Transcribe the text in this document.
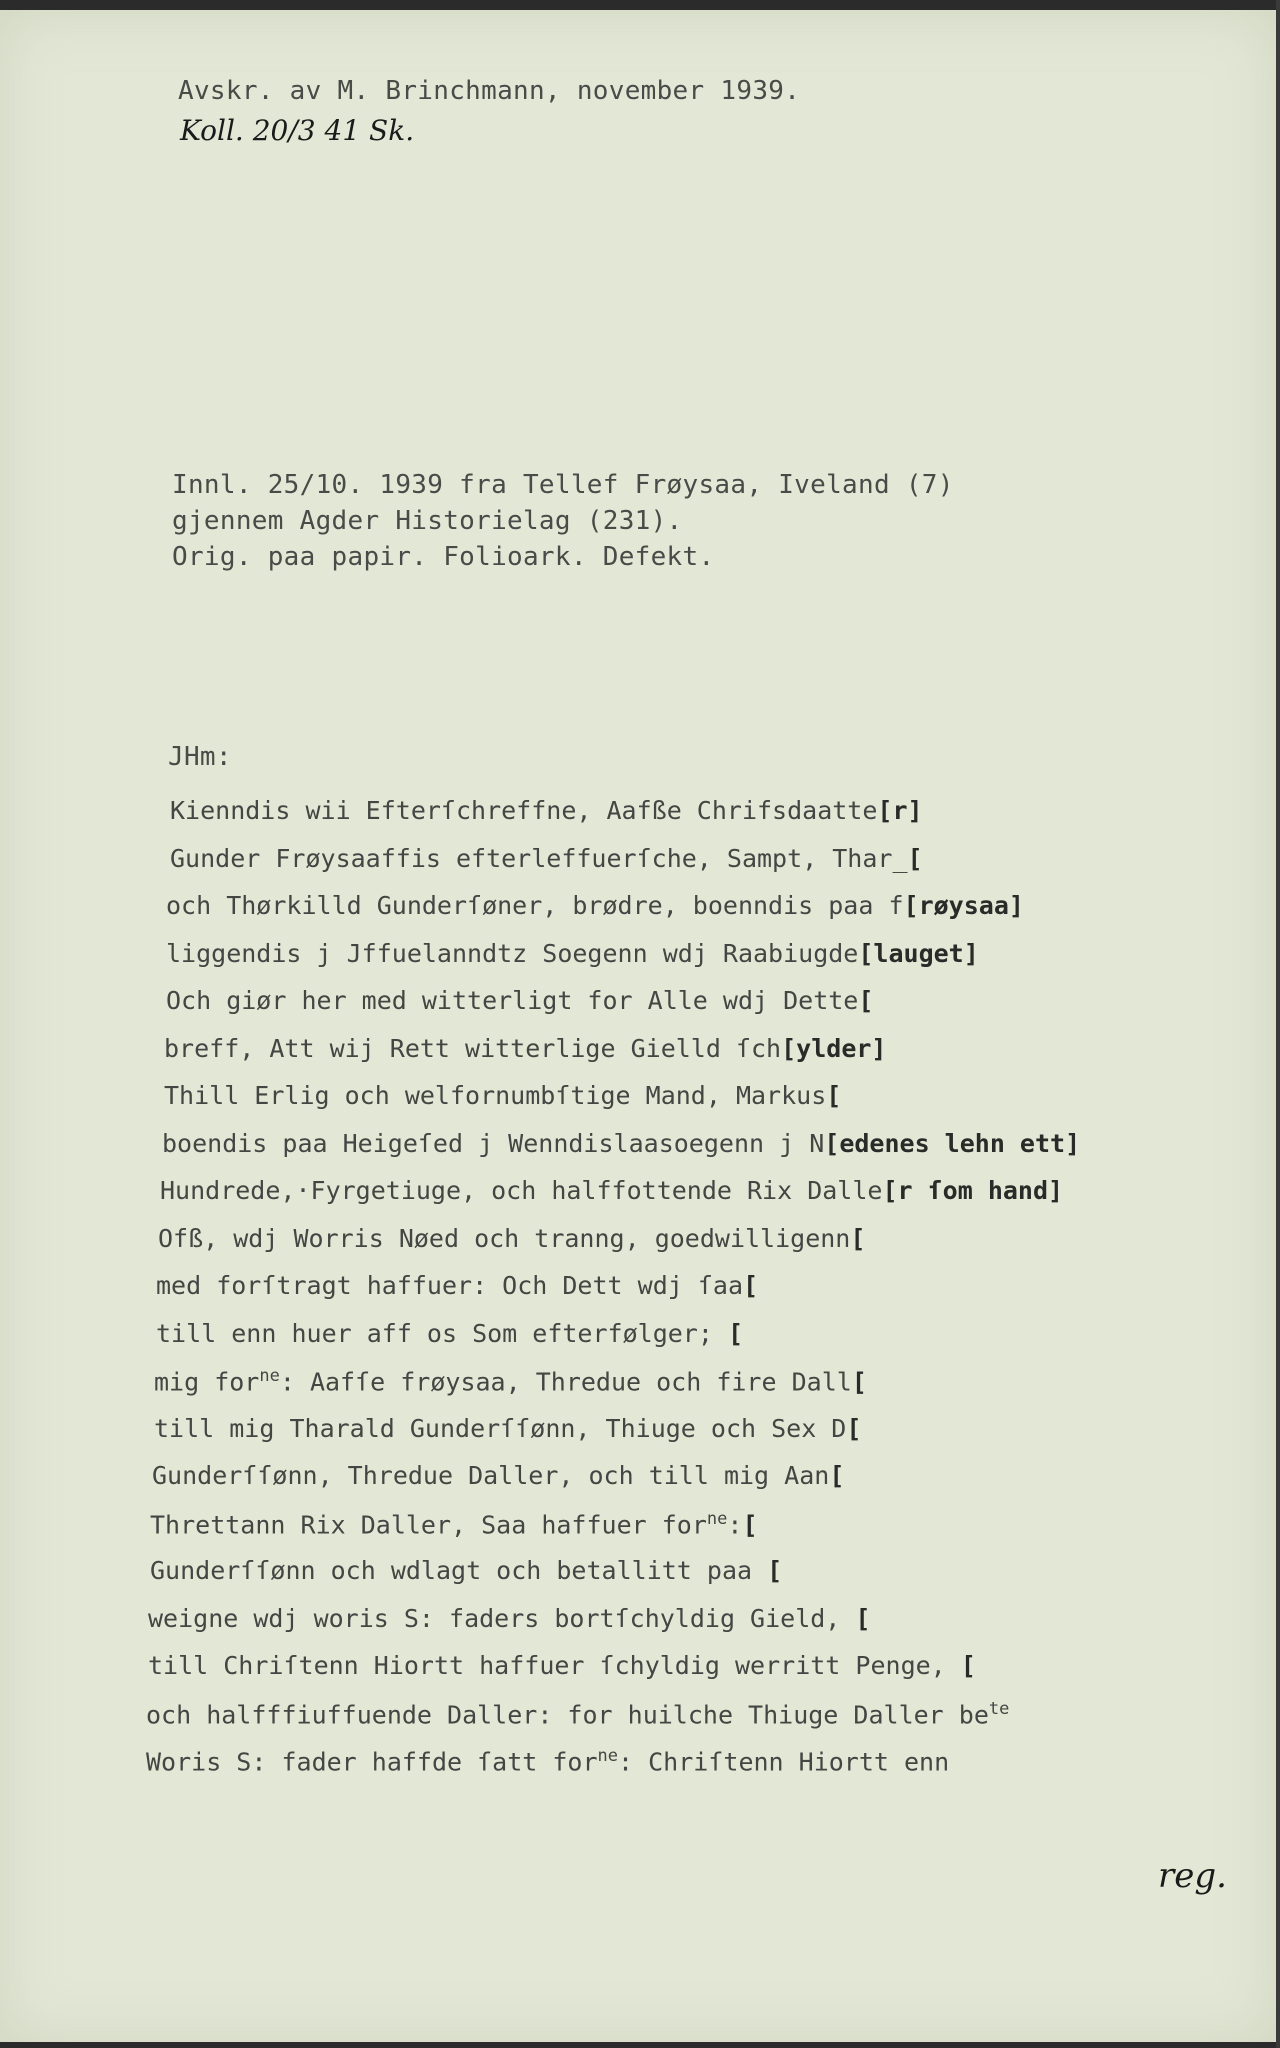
Avskr. av M. Brinchmann, november 1939.
Koll. 20/3 41 Sk.
Innl. 25/10. 1939 fra Tellef Frøysaa, Iveland (7)
gjennem Agder Historielag (231).
Orig. paa papir. Folioark. Defekt.
JHm:
Kienndis wii Efterſchreffne, Aafße Chrifsdaatte[r]
Gunder Frøysaaffis efterleffuerſche, Sampt, Thar_[
och Thørkilld Gunderſøner, brødre, boenndis paa f[røysaa]
liggendis j Jffuelanndtz Soegenn wdj Raabiugde[lauget]
Och giør her med witterligt for Alle wdj Dette[
breff, Att wij Rett witterlige Gielld ſch[ylder]
Thill Erlig och welfornumbſtige Mand, Markus[
boendis paa Heigeſed j Wenndislaasoegenn j N[edenes lehn ett]
Hundrede,·Fyrgetiuge, och halffottende Rix Dalle[r ſom hand]
Ofß, wdj Worris Nøed och tranng, goedwilligenn[
med forſtragt haffuer: Och Dett wdj ſaa[
till enn huer aff os Som efterfølger; [
mig for$^{ne}$: Aafſe frøysaa, Thredue och fire Dall[
till mig Tharald Gunderſſønn, Thiuge och Sex D[
Gunderſſønn, Thredue Daller, och till mig Aan[
Threttann Rix Daller, Saa haffuer for$^{ne}$:[
Gunderſſønn och wdlagt och betallitt paa [
weigne wdj woris S: faders bortſchyldig Gield, [
till Chriſtenn Hiortt haffuer ſchyldig werritt Penge, [
och halfffiuffuende Daller: for huilche Thiuge Daller $be^{te}$
Woris S: fader haffde ſatt for$^{ne}$: Chriſtenn Hiortt enn
reg.
